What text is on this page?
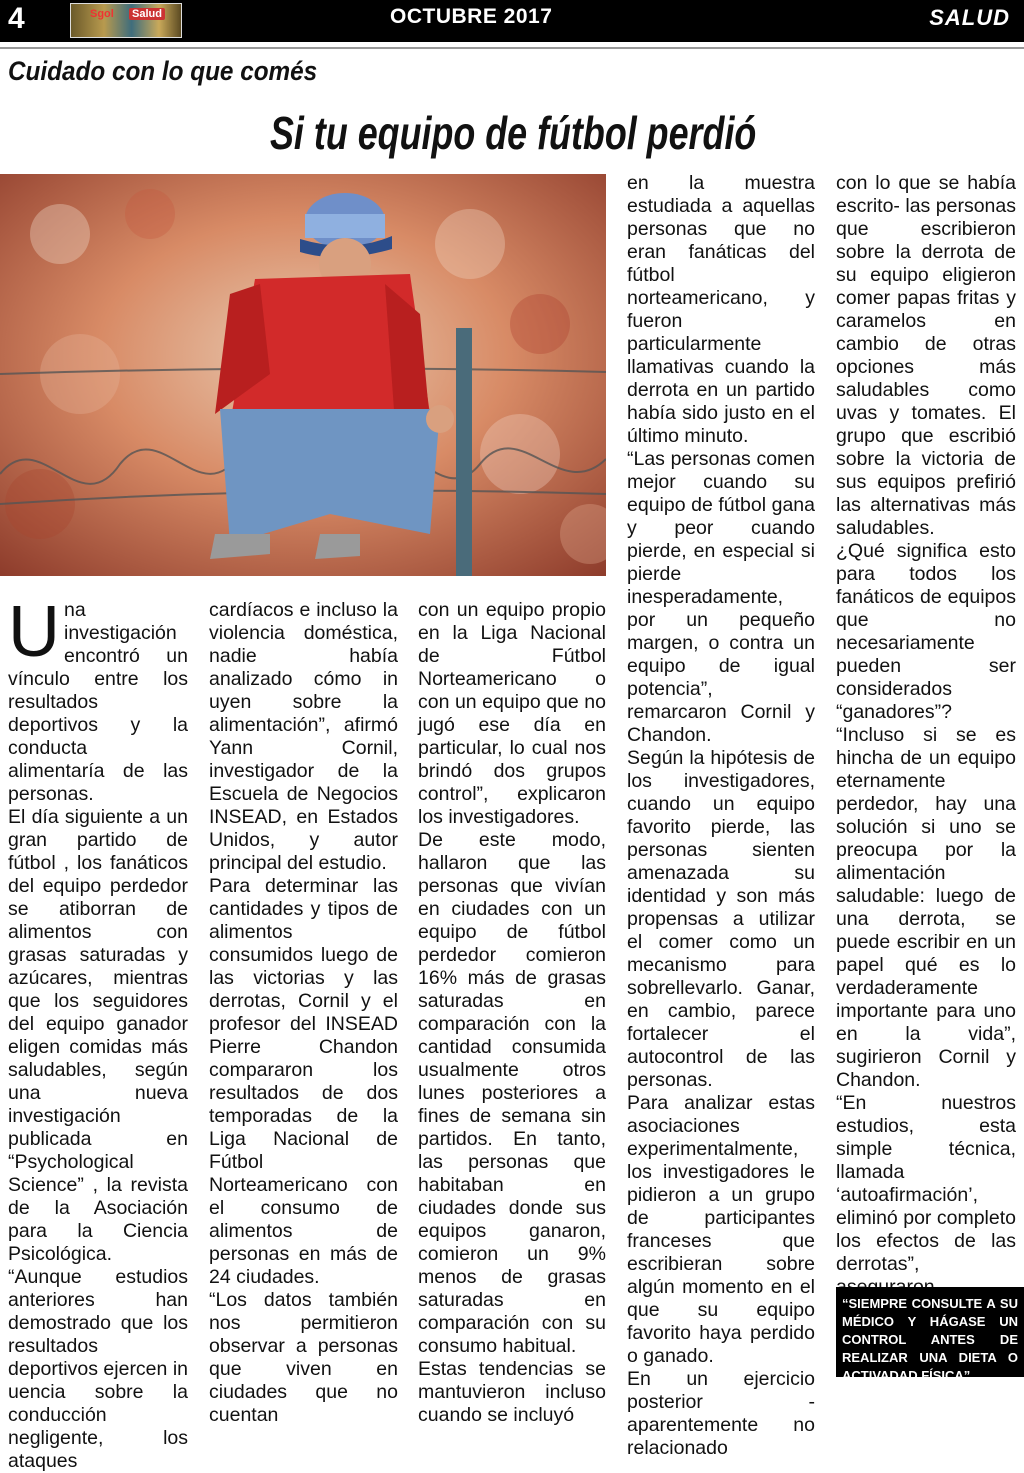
4	Sgol Salud	OCTUBRE 2017	SALUD
Cuidado con lo que comés
Si tu equipo de fútbol perdió

Una investigación encontró un vínculo entre los resultados deportivos y la conducta alimentaría de las personas.

El día siguiente a un gran partido de fútbol , los fanáticos del equipo perdedor se atiborran de alimentos con grasas saturadas y azúcares, mientras que los seguidores del equipo ganador eligen comidas más saludables, según una nueva investigación publicada en “Psychological Science” , la revista de la Asociación para la Ciencia Psicológica.

“Aunque estudios anteriores han demostrado que los resultados deportivos ejercen in uencia sobre la conducción negligente, los ataques

cardíacos e incluso la violencia doméstica, nadie había analizado cómo in uyen sobre la alimentación”, afirmó Yann Cornil, investigador de la Escuela de Negocios INSEAD, en Estados Unidos, y autor principal del estudio.

Para determinar las cantidades y tipos de alimentos consumidos luego de las victorias y las derrotas, Cornil y el profesor del INSEAD Pierre Chandon compararon los resultados de dos temporadas de la Liga Nacional de Fútbol Norteamericano con el consumo de alimentos de personas en más de 24 ciudades.

“Los datos también nos permitieron observar a personas que viven en ciudades que no cuentan

con un equipo propio en la Liga Nacional de Fútbol Norteamericano o con un equipo que no jugó ese día en particular, lo cual nos brindó dos grupos control”, explicaron los investigadores.

De este modo, hallaron que las personas que vivían en ciudades con un equipo de fútbol perdedor comieron 16% más de grasas saturadas en comparación con la cantidad consumida usualmente otros lunes posteriores a fines de semana sin partidos. En tanto, las personas que habitaban en ciudades donde sus equipos ganaron, comieron un 9% menos de grasas saturadas en comparación con su consumo habitual.

Estas tendencias se mantuvieron incluso cuando se incluyó

en la muestra estudiada a aquellas personas que no eran fanáticas del fútbol norteamericano, y fueron particularmente llamativas cuando la derrota en un partido había sido justo en el último minuto.

“Las personas comen mejor cuando su equipo de fútbol gana y peor cuando pierde, en especial si pierde inesperadamente, por un pequeño margen, o contra un equipo de igual potencia”, remarcaron Cornil y Chandon.

Según la hipótesis de los investigadores, cuando un equipo favorito pierde, las personas sienten amenazada su identidad y son más propensas a utilizar el comer como un mecanismo para sobrellevarlo. Ganar, en cambio, parece fortalecer el autocontrol de las personas.

Para analizar estas asociaciones experimentalmente, los investigadores le pidieron a un grupo de participantes franceses que escribieran sobre algún momento en el que su equipo favorito haya perdido o ganado.

En un ejercicio posterior -aparentemente no relacionado

con lo que se había escrito- las personas que escribieron sobre la derrota de su equipo eligieron comer papas fritas y caramelos en cambio de otras opciones más saludables como uvas y tomates. El grupo que escribió sobre la victoria de sus equipos prefirió las alternativas más saludables.

¿Qué significa esto para todos los fanáticos de equipos que no necesariamente pueden ser considerados “ganadores”?

“Incluso si se es hincha de un equipo eternamente perdedor, hay una solución si uno se preocupa por la alimentación saludable: luego de una derrota, se puede escribir en un papel qué es lo verdaderamente importante para uno en la vida”, sugirieron Cornil y Chandon.

“En nuestros estudios, esta simple técnica, llamada ‘autoafirmación’, eliminó por completo los efectos de las derrotas”,

“SIEMPRE CONSULTE A SU MÉDICO Y HÁGASE UN CONTROL ANTES DE REALIZAR UNA DIETA O ACTIVADAD FÍSICA”
